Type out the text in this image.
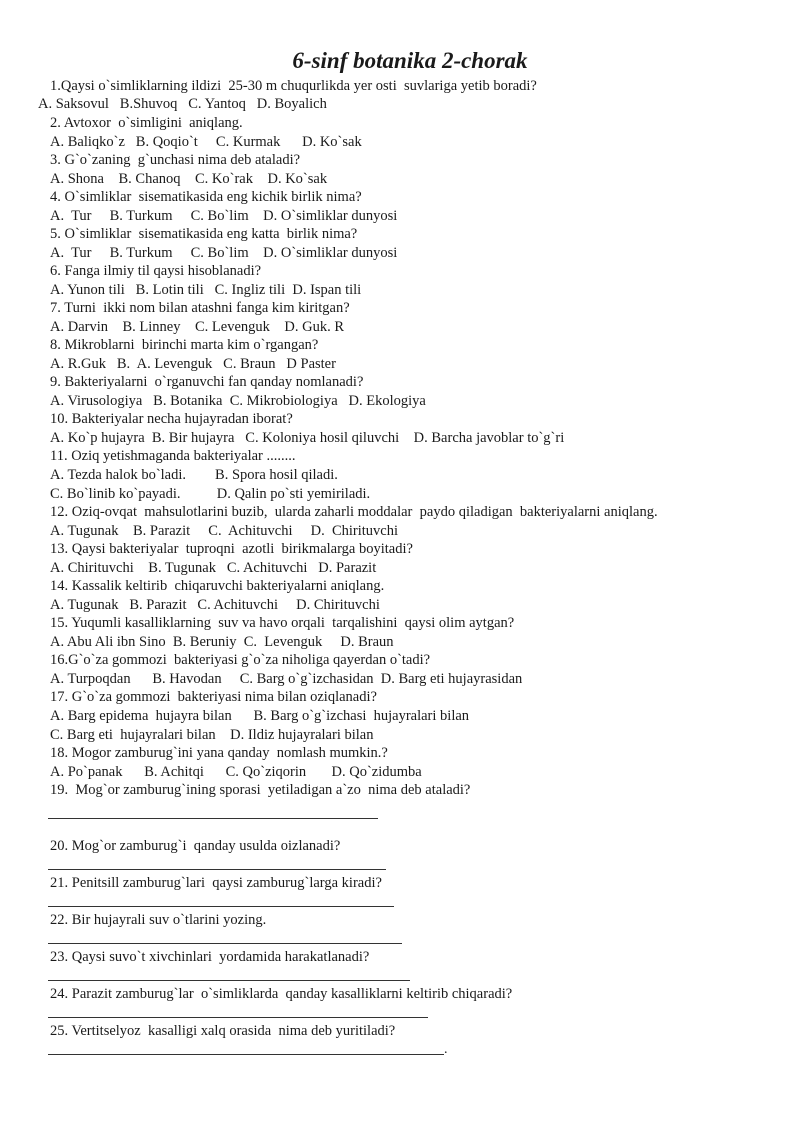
6-sinf botanika 2-chorak
1.Qaysi o`simliklarning ildizi  25-30 m chuqurlikda yer osti  suvlariga yetib boradi?
A. Saksovul   B.Shuvoq   C. Yantoq   D. Boyalich
2. Avtoxor  o`simligini  aniqlang.
A. Baliqko`z   B. Qoqio`t     C. Kurmak      D. Ko`sak
3. G`o`zaning  g`unchasi nima deb ataladi?
A. Shona    B. Chanoq    C. Ko`rak    D. Ko`sak
4. O`simliklar  sisematikasida eng kichik birlik nima?
A.  Tur     B. Turkum     C. Bo`lim    D. O`simliklar dunyosi
5. O`simliklar  sisematikasida eng katta  birlik nima?
A.  Tur     B. Turkum     C. Bo`lim    D. O`simliklar dunyosi
6. Fanga ilmiy til qaysi hisoblanadi?
A. Yunon tili   B. Lotin tili   C. Ingliz tili  D. Ispan tili
7. Turni  ikki nom bilan atashni fanga kim kiritgan?
A. Darvin    B. Linney    C. Levenguk    D. Guk. R
8. Mikroblarni  birinchi marta kim o`rgangan?
A. R.Guk   B.  A. Levenguk   C. Braun   D Paster
9. Bakteriyalarni  o`rganuvchi fan qanday nomlanadi?
A. Virusologiya   B. Botanika  C. Mikrobiologiya   D. Ekologiya
10. Bakteriyalar necha hujayradan iborat?
A. Ko`p hujayra  B. Bir hujayra   C. Koloniya hosil qiluvchi    D. Barcha javoblar to`g`ri
11. Oziq yetishmaganda bakteriyalar ........
A. Tezda halok bo`ladi.        B. Spora hosil qiladi.
C. Bo`linib ko`payadi.          D. Qalin po`sti yemiriladi.
12. Oziq-ovqat  mahsulotlarini buzib,  ularda zaharli moddalar  paydo qiladigan  bakteriyalarni aniqlang.
A. Tugunak    B. Parazit     C.  Achituvchi     D.  Chirituvchi
13. Qaysi bakteriyalar  tuproqni  azotli  birikmalarga boyitadi?
A. Chirituvchi    B. Tugunak   C. Achituvchi   D. Parazit
14. Kassalik keltirib  chiqaruvchi bakteriyalarni aniqlang.
A. Tugunak   B. Parazit   C. Achituvchi     D. Chirituvchi
15. Yuqumli kasalliklarning  suv va havo orqali  tarqalishini  qaysi olim aytgan?
A. Abu Ali ibn Sino  B. Beruniy  C.  Levenguk     D. Braun
16.G`o`za gommozi  bakteriyasi g`o`za niholiga qayerdan o`tadi?
A. Turpoqdan      B. Havodan     C. Barg o`g`izchasidan  D. Barg eti hujayrasidan
17. G`o`za gommozi  bakteriyasi nima bilan oziqlanadi?
A. Barg epidema  hujayra bilan      B. Barg o`g`izchasi  hujayralari bilan
C. Barg eti  hujayralari bilan    D. Ildiz hujayralari bilan
18. Mogor zamburug`ini yana qanday  nomlash mumkin.?
A. Po`panak      B. Achitqi      C. Qo`ziqorin       D. Qo`zidumba
19.  Mog`or zamburug`ining sporasi  yetiladigan a`zo  nima deb ataladi?
20. Mog`or zamburug`i  qanday usulda oizlanadi?
21. Penitsill zamburug`lari  qaysi zamburug`larga kiradi?
22. Bir hujayrali suv o`tlarini yozing.
23. Qaysi suvo`t xivchinlari  yordamida harakatlanadi?
24. Parazit zamburug`lar  o`simliklarda  qanday kasalliklarni keltirib chiqaradi?
25. Vertitselyoz  kasalligi xalq orasida  nima deb yuritiladi?
.
